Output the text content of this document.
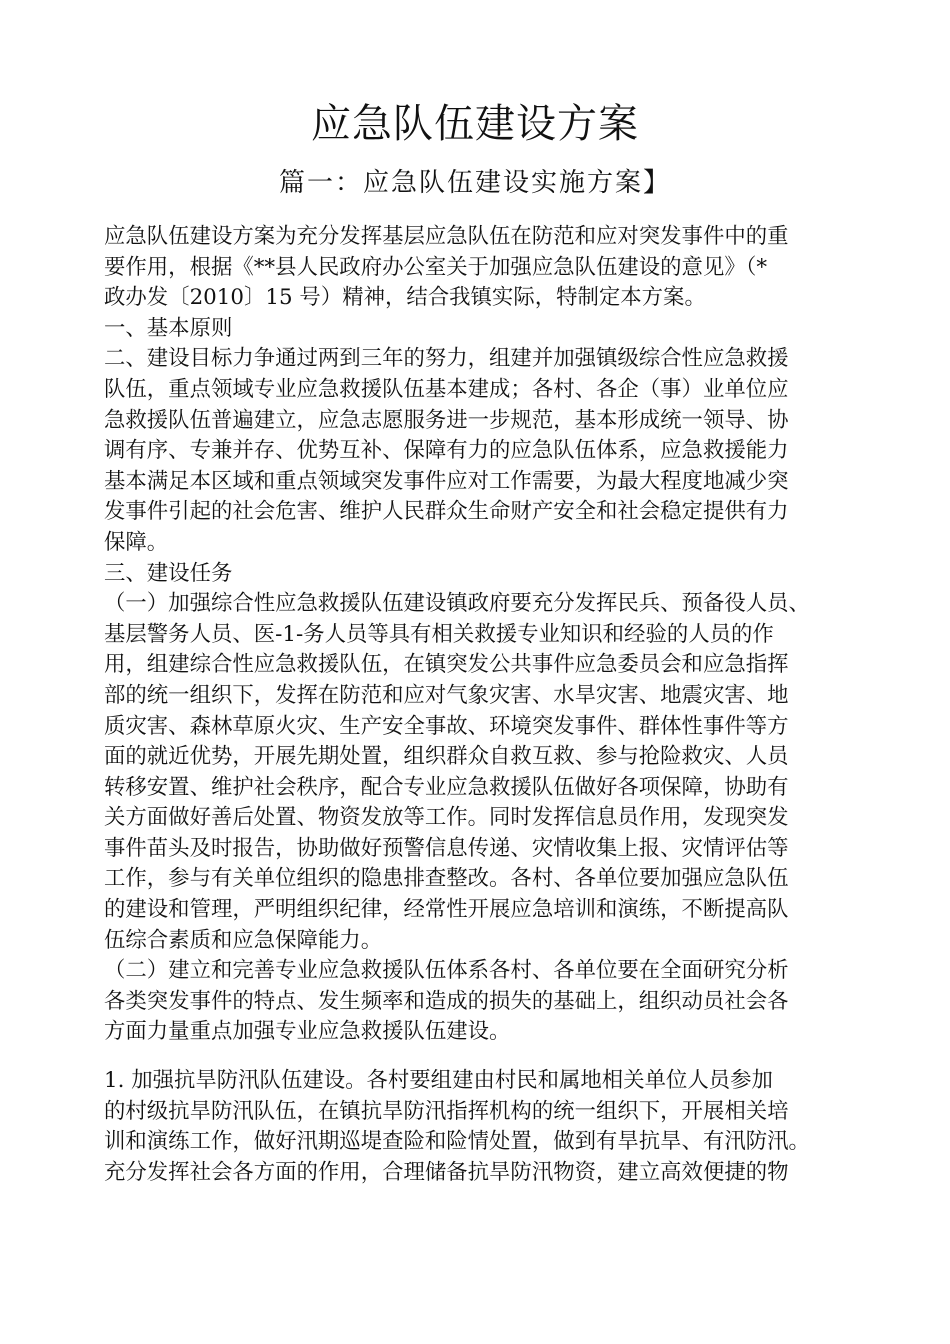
应急队伍建设方案
篇一：应急队伍建设实施方案】
应急队伍建设方案为充分发挥基层应急队伍在防范和应对突发事件中的重
要作用，根据《**县人民政府办公室关于加强应急队伍建设的意见》（*
政办发〔2010〕15 号）精神，结合我镇实际，特制定本方案。
一、基本原则
二、建设目标力争通过两到三年的努力，组建并加强镇级综合性应急救援
队伍，重点领域专业应急救援队伍基本建成；各村、各企（事）业单位应
急救援队伍普遍建立，应急志愿服务进一步规范，基本形成统一领导、协
调有序、专兼并存、优势互补、保障有力的应急队伍体系，应急救援能力
基本满足本区域和重点领域突发事件应对工作需要，为最大程度地减少突
发事件引起的社会危害、维护人民群众生命财产安全和社会稳定提供有力
保障。
三、建设任务
（一）加强综合性应急救援队伍建设镇政府要充分发挥民兵、预备役人员、
基层警务人员、医-1-务人员等具有相关救援专业知识和经验的人员的作
用，组建综合性应急救援队伍，在镇突发公共事件应急委员会和应急指挥
部的统一组织下，发挥在防范和应对气象灾害、水旱灾害、地震灾害、地
质灾害、森林草原火灾、生产安全事故、环境突发事件、群体性事件等方
面的就近优势，开展先期处置，组织群众自救互救、参与抢险救灾、人员
转移安置、维护社会秩序，配合专业应急救援队伍做好各项保障，协助有
关方面做好善后处置、物资发放等工作。同时发挥信息员作用，发现突发
事件苗头及时报告，协助做好预警信息传递、灾情收集上报、灾情评估等
工作，参与有关单位组织的隐患排查整改。各村、各单位要加强应急队伍
的建设和管理，严明组织纪律，经常性开展应急培训和演练，不断提高队
伍综合素质和应急保障能力。
（二）建立和完善专业应急救援队伍体系各村、各单位要在全面研究分析
各类突发事件的特点、发生频率和造成的损失的基础上，组织动员社会各
方面力量重点加强专业应急救援队伍建设。
1. 加强抗旱防汛队伍建设。各村要组建由村民和属地相关单位人员参加
的村级抗旱防汛队伍，在镇抗旱防汛指挥机构的统一组织下，开展相关培
训和演练工作，做好汛期巡堤查险和险情处置，做到有旱抗旱、有汛防汛。
充分发挥社会各方面的作用，合理储备抗旱防汛物资，建立高效便捷的物
